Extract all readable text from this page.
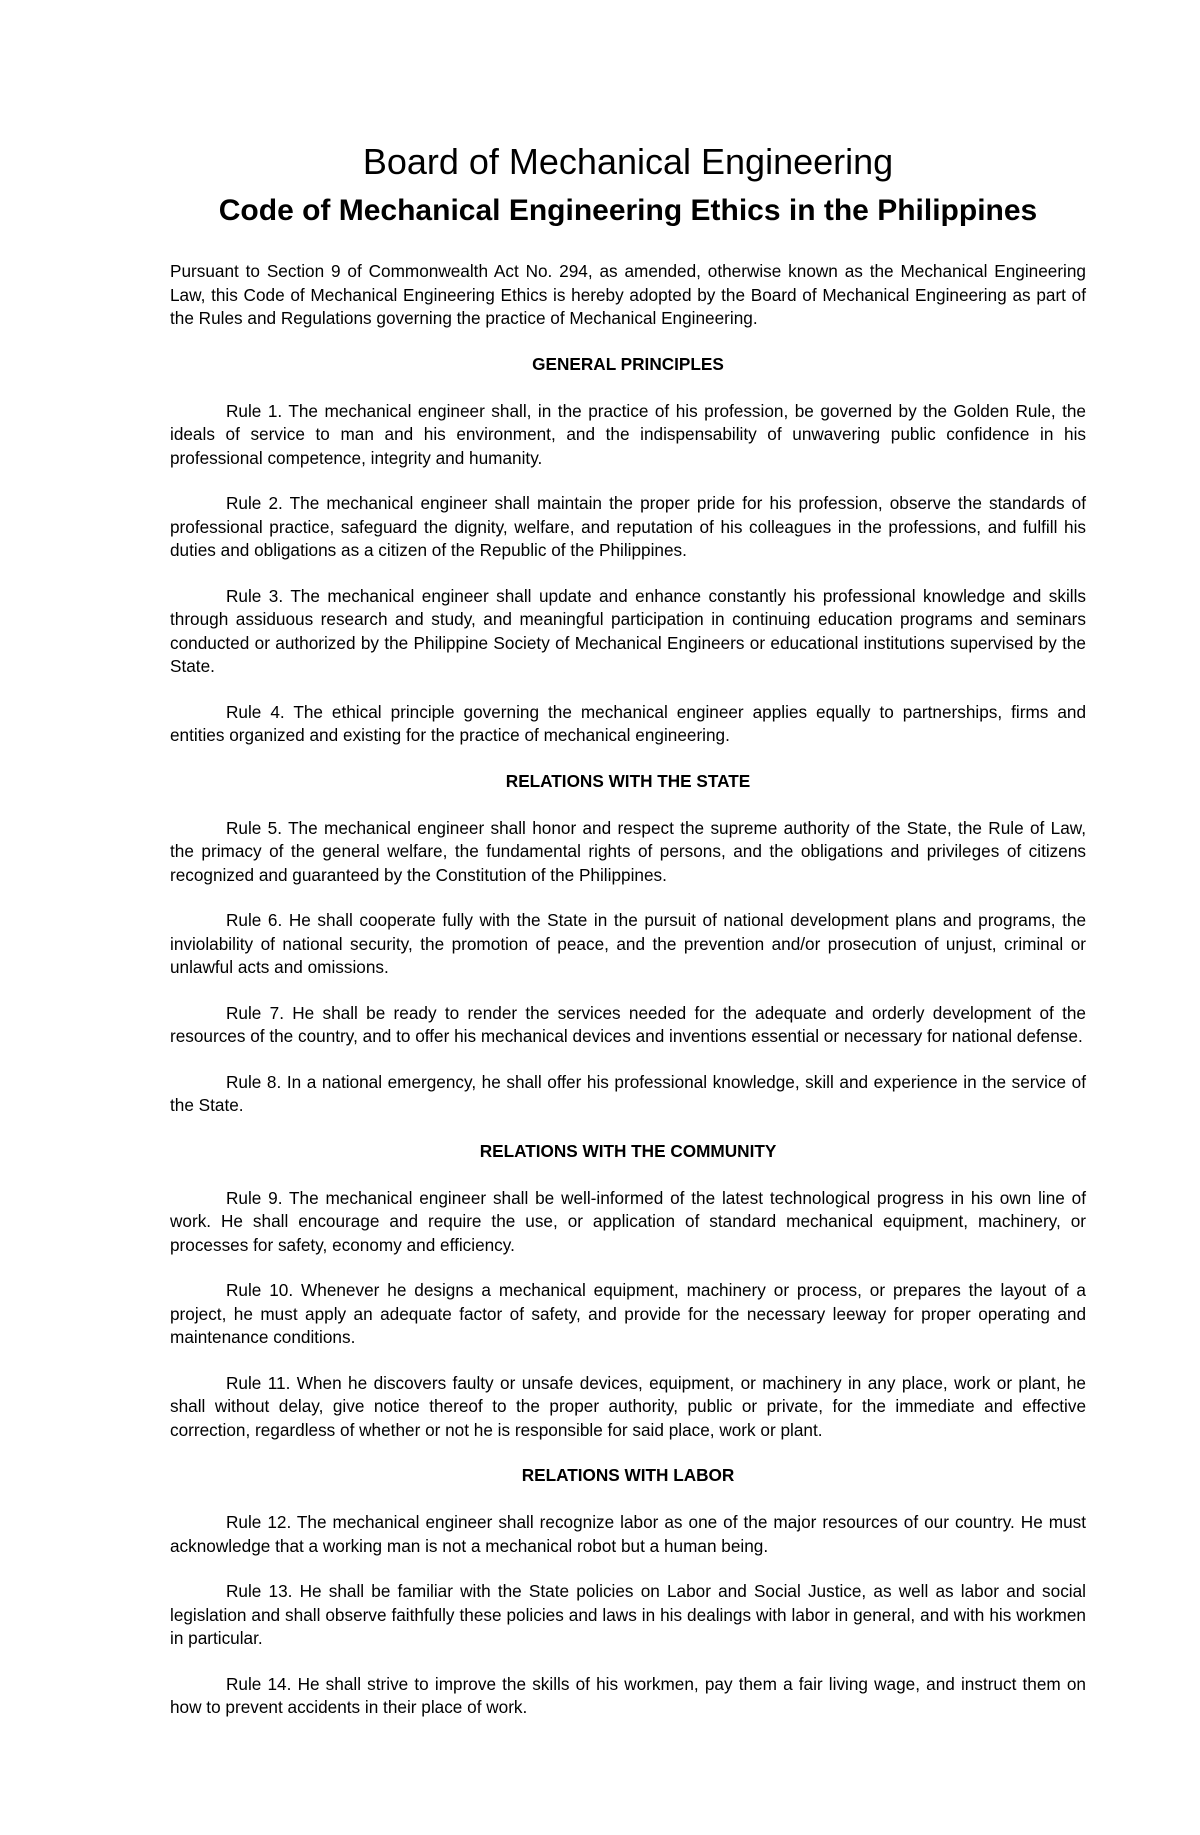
Board of Mechanical Engineering
Code of Mechanical Engineering Ethics in the Philippines

Pursuant to Section 9 of Commonwealth Act No. 294, as amended, otherwise known as the Mechanical Engineering Law, this Code of Mechanical Engineering Ethics is hereby adopted by the Board of Mechanical Engineering as part of the Rules and Regulations governing the practice of Mechanical Engineering.

GENERAL PRINCIPLES

Rule 1. The mechanical engineer shall, in the practice of his profession, be governed by the Golden Rule, the ideals of service to man and his environment, and the indispensability of unwavering public confidence in his professional competence, integrity and humanity.

Rule 2. The mechanical engineer shall maintain the proper pride for his profession, observe the standards of professional practice, safeguard the dignity, welfare, and reputation of his colleagues in the professions, and fulfill his duties and obligations as a citizen of the Republic of the Philippines.

Rule 3. The mechanical engineer shall update and enhance constantly his professional knowledge and skills through assiduous research and study, and meaningful participation in continuing education programs and seminars conducted or authorized by the Philippine Society of Mechanical Engineers or educational institutions supervised by the State.

Rule 4. The ethical principle governing the mechanical engineer applies equally to partnerships, firms and entities organized and existing for the practice of mechanical engineering.

RELATIONS WITH THE STATE

Rule 5. The mechanical engineer shall honor and respect the supreme authority of the State, the Rule of Law, the primacy of the general welfare, the fundamental rights of persons, and the obligations and privileges of citizens recognized and guaranteed by the Constitution of the Philippines.

Rule 6. He shall cooperate fully with the State in the pursuit of national development plans and programs, the inviolability of national security, the promotion of peace, and the prevention and/or prosecution of unjust, criminal or unlawful acts and omissions.

Rule 7. He shall be ready to render the services needed for the adequate and orderly development of the resources of the country, and to offer his mechanical devices and inventions essential or necessary for national defense.

Rule 8. In a national emergency, he shall offer his professional knowledge, skill and experience in the service of the State.

RELATIONS WITH THE COMMUNITY

Rule 9. The mechanical engineer shall be well-informed of the latest technological progress in his own line of work. He shall encourage and require the use, or application of standard mechanical equipment, machinery, or processes for safety, economy and efficiency.

Rule 10. Whenever he designs a mechanical equipment, machinery or process, or prepares the layout of a project, he must apply an adequate factor of safety, and provide for the necessary leeway for proper operating and maintenance conditions.

Rule 11. When he discovers faulty or unsafe devices, equipment, or machinery in any place, work or plant, he shall without delay, give notice thereof to the proper authority, public or private, for the immediate and effective correction, regardless of whether or not he is responsible for said place, work or plant.

RELATIONS WITH LABOR

Rule 12. The mechanical engineer shall recognize labor as one of the major resources of our country. He must acknowledge that a working man is not a mechanical robot but a human being.

Rule 13. He shall be familiar with the State policies on Labor and Social Justice, as well as labor and social legislation and shall observe faithfully these policies and laws in his dealings with labor in general, and with his workmen in particular.

Rule 14. He shall strive to improve the skills of his workmen, pay them a fair living wage, and instruct them on how to prevent accidents in their place of work.
